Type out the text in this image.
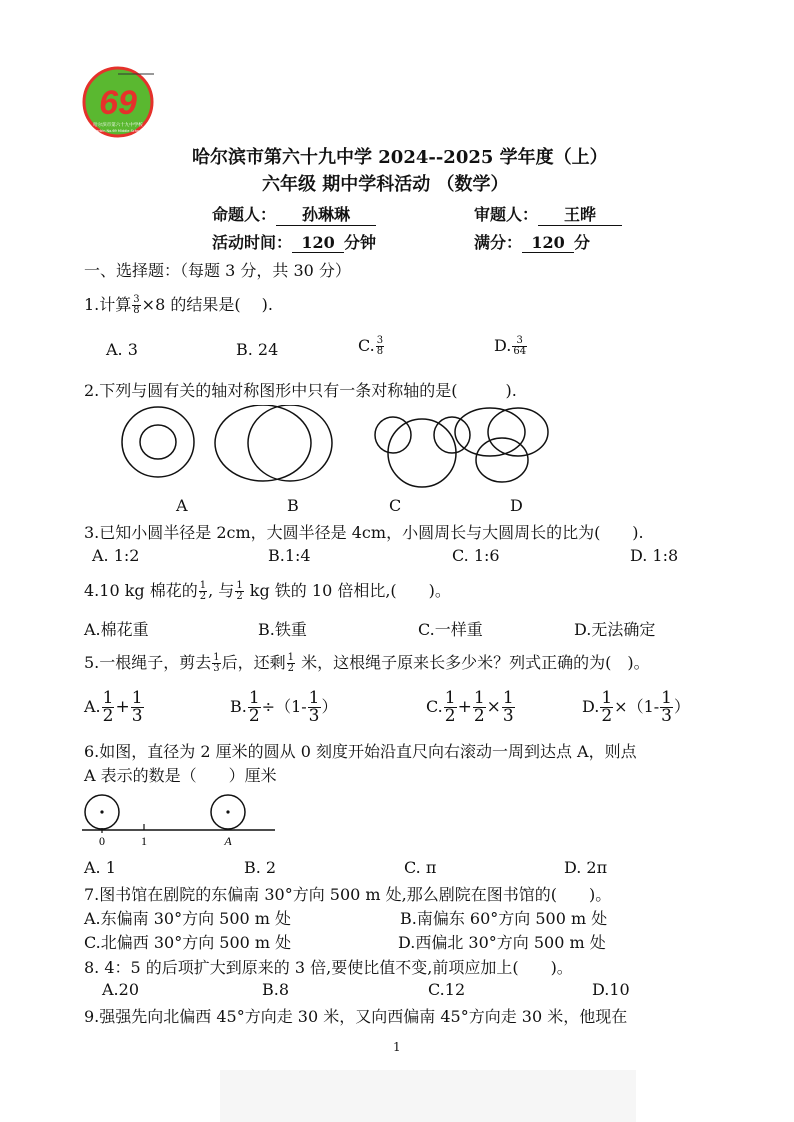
69
哈尔滨市第六十九中学校
Harbin No.69 Middle School
哈尔滨市第六十九中学 2024--2025 学年度（上）
六年级 期中学科活动 （数学）
命题人： 孙琳琳	审题人： 王晔
活动时间： 120 分钟	满分： 120 分
一、选择题：（每题 3 分，共 30 分）
1.计算 $\frac{3}{8} \times 8$ 的结果是(　 ).
A. 3	B. 24	C. $\frac{3}{8}$	D. $\frac{3}{64}$
2.下列与圆有关的轴对称图形中只有一条对称轴的是(　　　).
A	B	C	D
3.已知小圆半径是 2cm，大圆半径是 4cm，小圆周长与大圆周长的比为(　　).
A. 1:2	B.1:4	C. 1:6	D. 1:8
4.10 kg 棉花的 $\frac{1}{2}$ , 与 $\frac{1}{2}$ kg 铁的 10 倍相比,(　　)。
A.棉花重	B.铁重	C.一样重	D.无法确定
5.一根绳子，剪去 $\frac{1}{3}$ 后，还剩 $\frac{1}{2}$ 米，这根绳子原来长多少米？列式正确的为(　)。
A. $\frac{1}{2} + \frac{1}{3}$	B. $\frac{1}{2} \div(1- \frac{1}{3}$ ）	C. $\frac{1}{2} + \frac{1}{2} \times \frac{1}{3}$	D. $\frac{1}{2} \times(1- \frac{1}{3}$ ）
6.如图，直径为 2 厘米的圆从 0 刻度开始沿直尺向右滚动一周到达点 A，则点
A 表示的数是（　　）厘米
0	1	A
A. 1	B. 2	C. π	D. 2π
7.图书馆在剧院的东偏南 30°方向 500 m 处,那么剧院在图书馆的(　　)。
A.东偏南 30°方向 500 m 处	B.南偏东 60°方向 500 m 处
C.北偏西 30°方向 500 m 处	D.西偏北 30°方向 500 m 处
8. 4：5 的后项扩大到原来的 3 倍,要使比值不变,前项应加上(　　)。
A.20	B.8	C.12	D.10
9.强强先向北偏西 45°方向走 30 米，又向西偏南 45°方向走 30 米，他现在
1
